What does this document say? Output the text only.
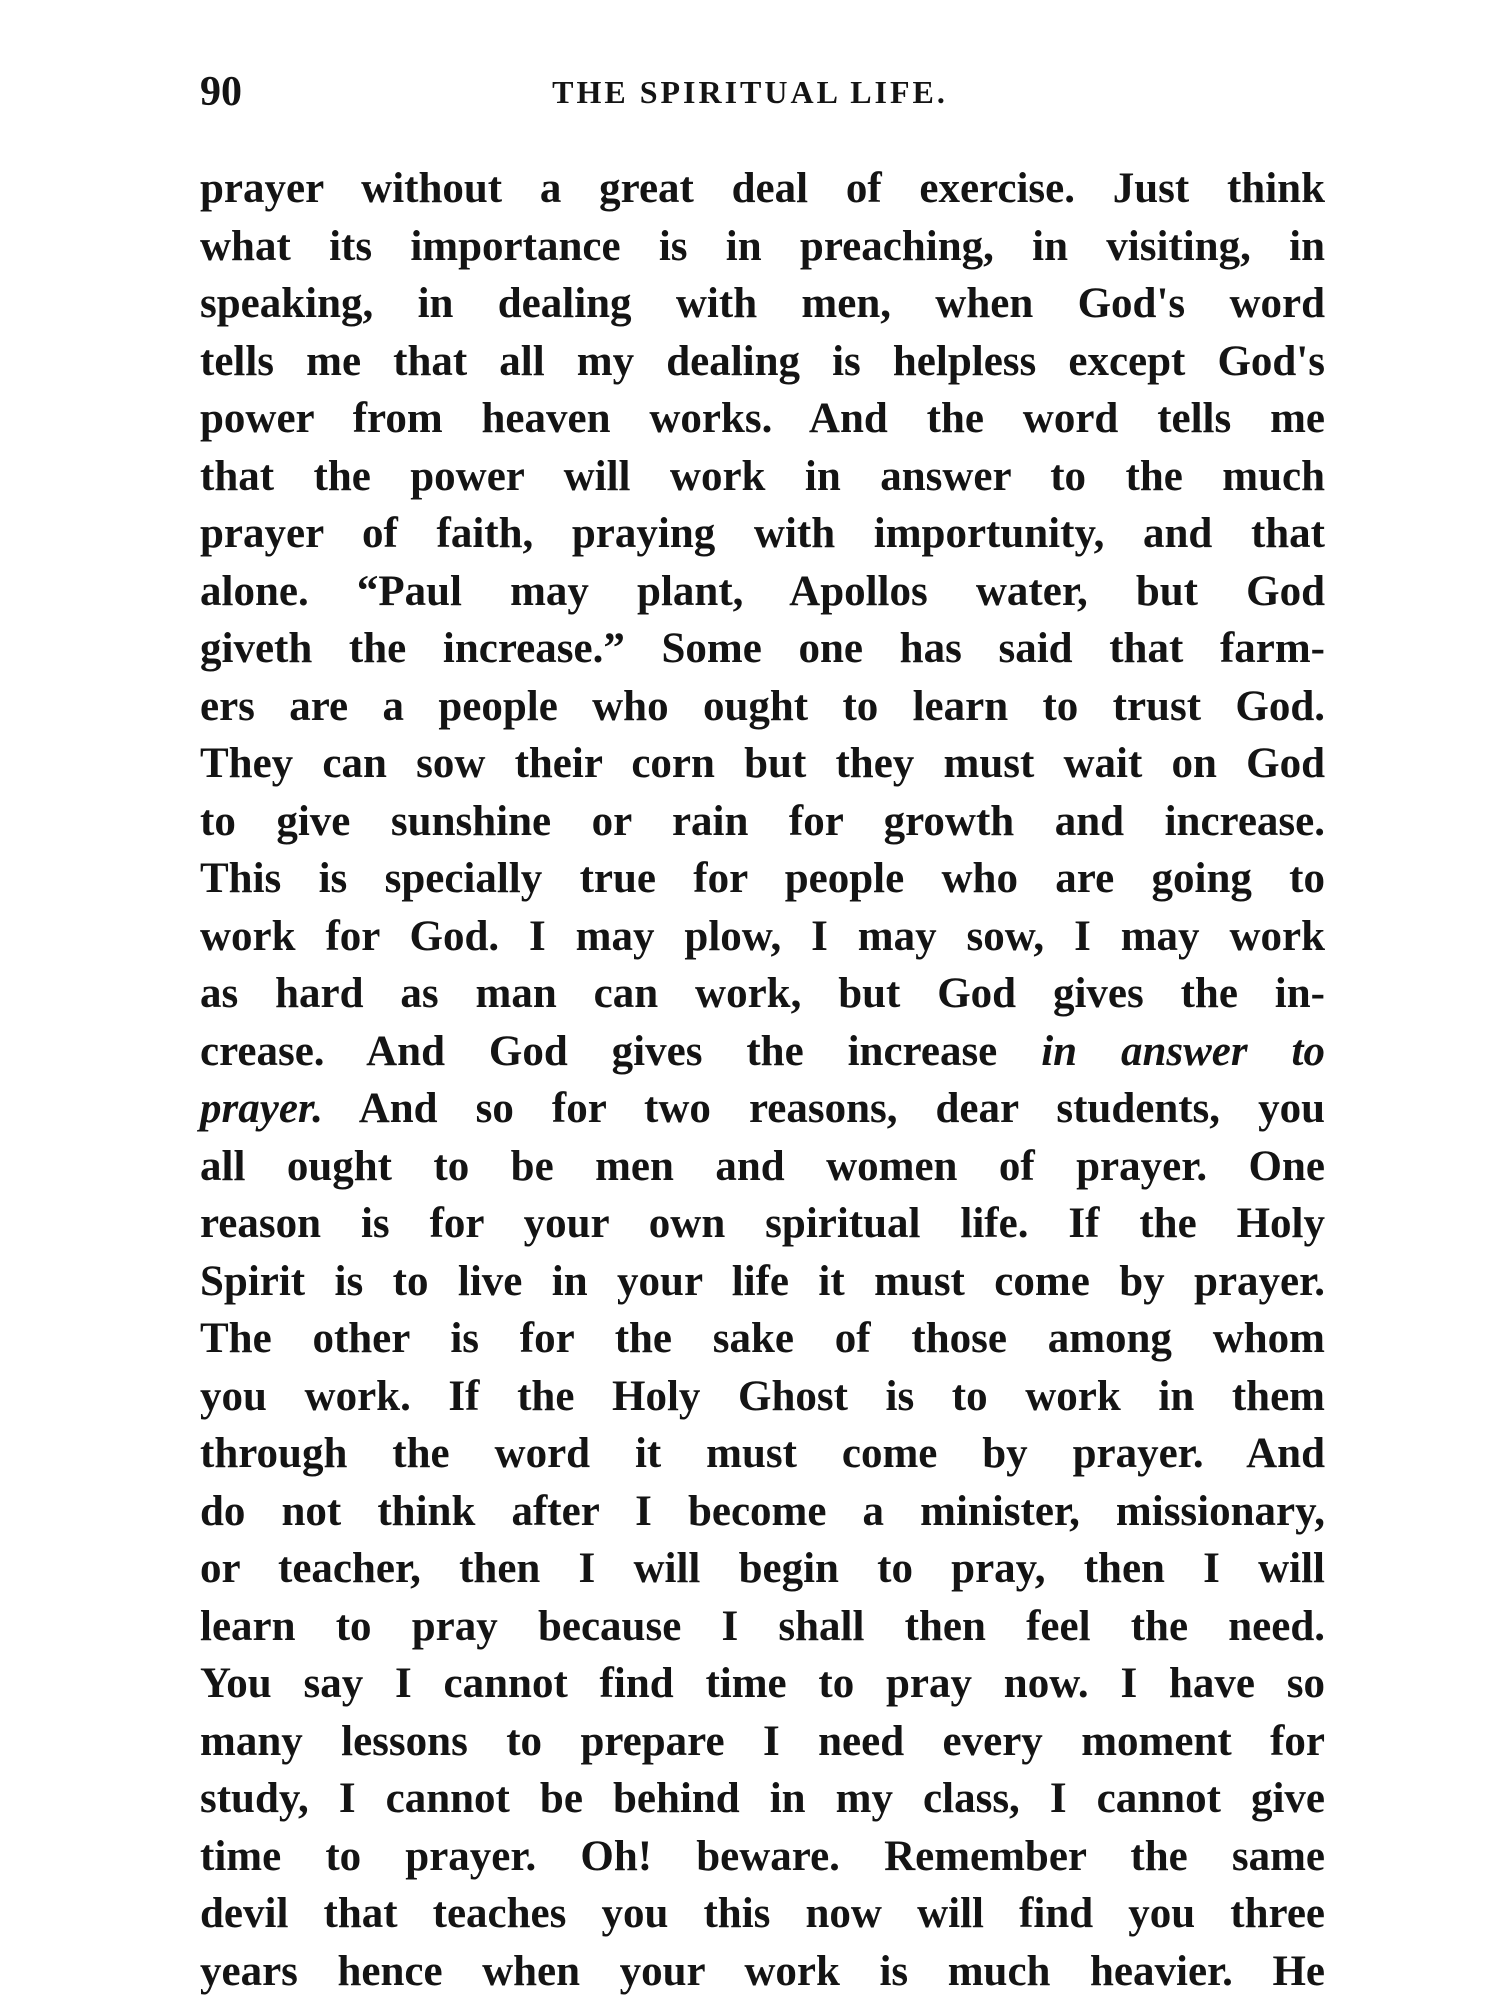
90	THE SPIRITUAL LIFE.
prayer without a great deal of exercise. Just think
what its importance is in preaching, in visiting, in
speaking, in dealing with men, when God's word
tells me that all my dealing is helpless except God's
power from heaven works. And the word tells me
that the power will work in answer to the much
prayer of faith, praying with importunity, and that
alone. “Paul may plant, Apollos water, but God
giveth the increase.” Some one has said that farm-
ers are a people who ought to learn to trust God.
They can sow their corn but they must wait on God
to give sunshine or rain for growth and increase.
This is specially true for people who are going to
work for God. I may plow, I may sow, I may work
as hard as man can work, but God gives the in-
crease. And God gives the increase in answer to
prayer. And so for two reasons, dear students, you
all ought to be men and women of prayer. One
reason is for your own spiritual life. If the Holy
Spirit is to live in your life it must come by prayer.
The other is for the sake of those among whom
you work. If the Holy Ghost is to work in them
through the word it must come by prayer. And
do not think after I become a minister, missionary,
or teacher, then I will begin to pray, then I will
learn to pray because I shall then feel the need.
You say I cannot find time to pray now. I have so
many lessons to prepare I need every moment for
study, I cannot be behind in my class, I cannot give
time to prayer. Oh! beware. Remember the same
devil that teaches you this now will find you three
years hence when your work is much heavier. He
